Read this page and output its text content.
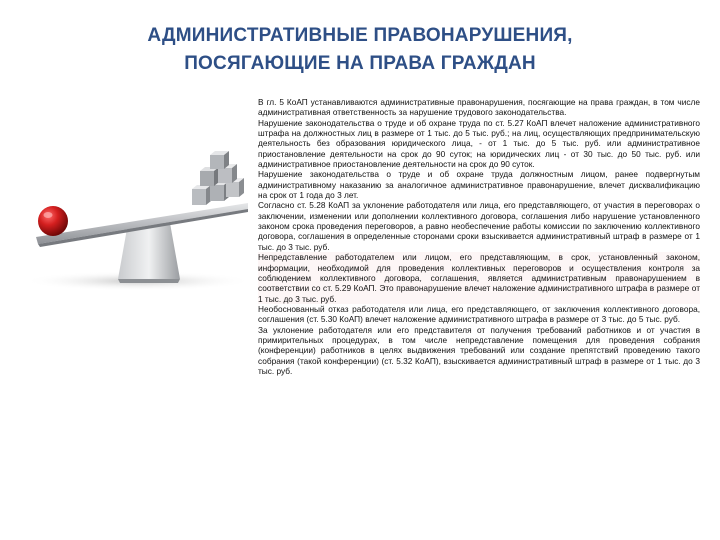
АДМИНИСТРАТИВНЫЕ ПРАВОНАРУШЕНИЯ,
ПОСЯГАЮЩИЕ НА ПРАВА ГРАЖДАН

В гл. 5 КоАП устанавливаются административные правонарушения, посягающие на права граждан, в том числе административная ответственность за нарушение трудового законодательства.

Нарушение законодательства о труде и об охране труда по ст. 5.27 КоАП влечет наложение административного штрафа на должностных лиц в размере от 1 тыс. до 5 тыс. руб.; на лиц, осуществляющих предпринимательскую деятельность без образования юридического лица, - от 1 тыс. до 5 тыс. руб. или административное приостановление деятельности на срок до 90 суток; на юридических лиц - от 30 тыс. до 50 тыс. руб. или административное приостановление деятельности на срок до 90 суток.

Нарушение законодательства о труде и об охране труда должностным лицом, ранее подвергнутым административному наказанию за аналогичное административное правонарушение, влечет дисквалификацию на срок от 1 года до 3 лет.

Согласно ст. 5.28 КоАП за уклонение работодателя или лица, его представляющего, от участия в переговорах о заключении, изменении или дополнении коллективного договора, соглашения либо нарушение установленного законом срока проведения переговоров, а равно необеспечение работы комиссии по заключению коллективного договора, соглашения в определенные сторонами сроки взыскивается административный штраф в размере от 1 тыс. до 3 тыс. руб.

Непредставление работодателем или лицом, его представляющим, в срок, установленный законом, информации, необходимой для проведения коллективных переговоров и осуществления контроля за соблюдением коллективного договора, соглашения, является административным правонарушением в соответствии со ст. 5.29 КоАП. Это правонарушение влечет наложение административного штрафа в размере от 1 тыс. до 3 тыс. руб.

Необоснованный отказ работодателя или лица, его представляющего, от заключения коллективного договора, соглашения (ст. 5.30 КоАП) влечет наложение административного штрафа в размере от 3 тыс. до 5 тыс. руб.

За уклонение работодателя или его представителя от получения требований работников и от участия в примирительных процедурах, в том числе непредставление помещения для проведения собрания (конференции) работников в целях выдвижения требований или создание препятствий проведению такого собрания (такой конференции) (ст. 5.32 КоАП), взыскивается административный штраф в размере от 1 тыс. до 3 тыс. руб.
